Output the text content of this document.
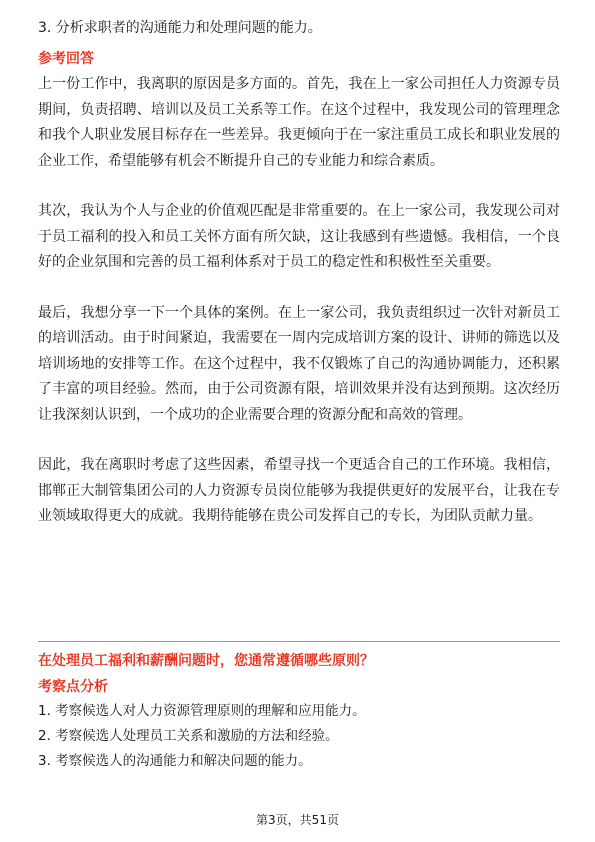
3. 分析求职者的沟通能力和处理问题的能力。

参考回答

上一份工作中，我离职的原因是多方面的。首先，我在上一家公司担任人力资源专员期间，负责招聘、培训以及员工关系等工作。在这个过程中，我发现公司的管理理念和我个人职业发展目标存在一些差异。我更倾向于在一家注重员工成长和职业发展的企业工作，希望能够有机会不断提升自己的专业能力和综合素质。

其次，我认为个人与企业的价值观匹配是非常重要的。在上一家公司，我发现公司对于员工福利的投入和员工关怀方面有所欠缺，这让我感到有些遗憾。我相信，一个良好的企业氛围和完善的员工福利体系对于员工的稳定性和积极性至关重要。

最后，我想分享一下一个具体的案例。在上一家公司，我负责组织过一次针对新员工的培训活动。由于时间紧迫，我需要在一周内完成培训方案的设计、讲师的筛选以及培训场地的安排等工作。在这个过程中，我不仅锻炼了自己的沟通协调能力，还积累了丰富的项目经验。然而，由于公司资源有限，培训效果并没有达到预期。这次经历让我深刻认识到，一个成功的企业需要合理的资源分配和高效的管理。

因此，我在离职时考虑了这些因素，希望寻找一个更适合自己的工作环境。我相信，邯郸正大制管集团公司的人力资源专员岗位能够为我提供更好的发展平台，让我在专业领域取得更大的成就。我期待能够在贵公司发挥自己的专长，为团队贡献力量。

在处理员工福利和薪酬问题时，您通常遵循哪些原则？

考察点分析

1. 考察候选人对人力资源管理原则的理解和应用能力。

2. 考察候选人处理员工关系和激励的方法和经验。

3. 考察候选人的沟通能力和解决问题的能力。

第3页，共51页
